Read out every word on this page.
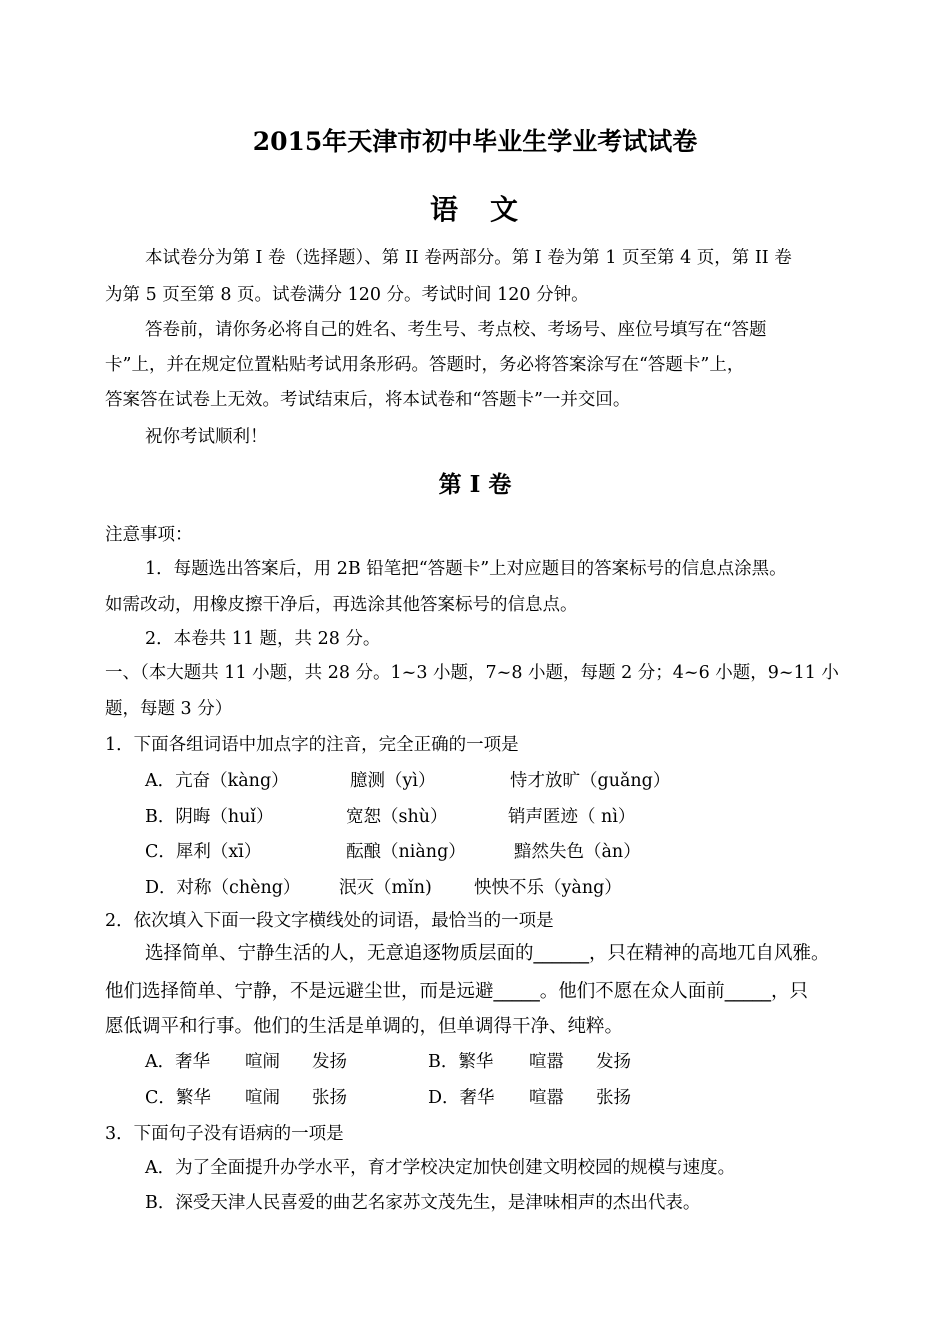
2015年天津市初中毕业生学业考试试卷
语　文
本试卷分为第 I 卷（选择题）、第 II 卷两部分。第 I 卷为第 1 页至第 4 页，第 II 卷
为第 5 页至第 8 页。试卷满分 120 分。考试时间 120 分钟。
答卷前，请你务必将自己的姓名、考生号、考点校、考场号、座位号填写在“答题
卡”上，并在规定位置粘贴考试用条形码。答题时，务必将答案涂写在“答题卡”上，
答案答在试卷上无效。考试结束后，将本试卷和“答题卡”一并交回。
祝你考试顺利！
第 I 卷
注意事项：
1．每题选出答案后，用 2B 铅笔把“答题卡”上对应题目的答案标号的信息点涂黑。
如需改动，用橡皮擦干净后，再选涂其他答案标号的信息点。
2．本卷共 11 题，共 28 分。
一、（本大题共 11 小题，共 28 分。1~3 小题，7~8 小题，每题 2 分；4~6 小题，9~11 小
题，每题 3 分）
1．下面各组词语中加点字的注音，完全正确的一项是
A．亢奋（kàng）	臆测（yì）	恃才放旷（guǎng）
B．阴晦（huǐ）	宽恕（shù）	销声匿迹（ nì）
C．犀利（xī）	酝酿（niàng）	黯然失色（àn）
D．对称（chèng） 泯灭（mǐn) 怏怏不乐（yàng）
2．依次填入下面一段文字横线处的词语，最恰当的一项是
选择简单、宁静生活的人，无意追逐物质层面的______，只在精神的高地兀自风雅。
他们选择简单、宁静，不是远避尘世，而是远避_____。他们不愿在众人面前_____，只
愿低调平和行事。他们的生活是单调的，但单调得干净、纯粹。
A．奢华 喧闹 发扬	B．繁华 喧嚣 发扬
C．繁华 喧闹 张扬	D．奢华 喧嚣 张扬
3．下面句子没有语病的一项是
A．为了全面提升办学水平，育才学校决定加快创建文明校园的规模与速度。
B．深受天津人民喜爱的曲艺名家苏文茂先生，是津味相声的杰出代表。
